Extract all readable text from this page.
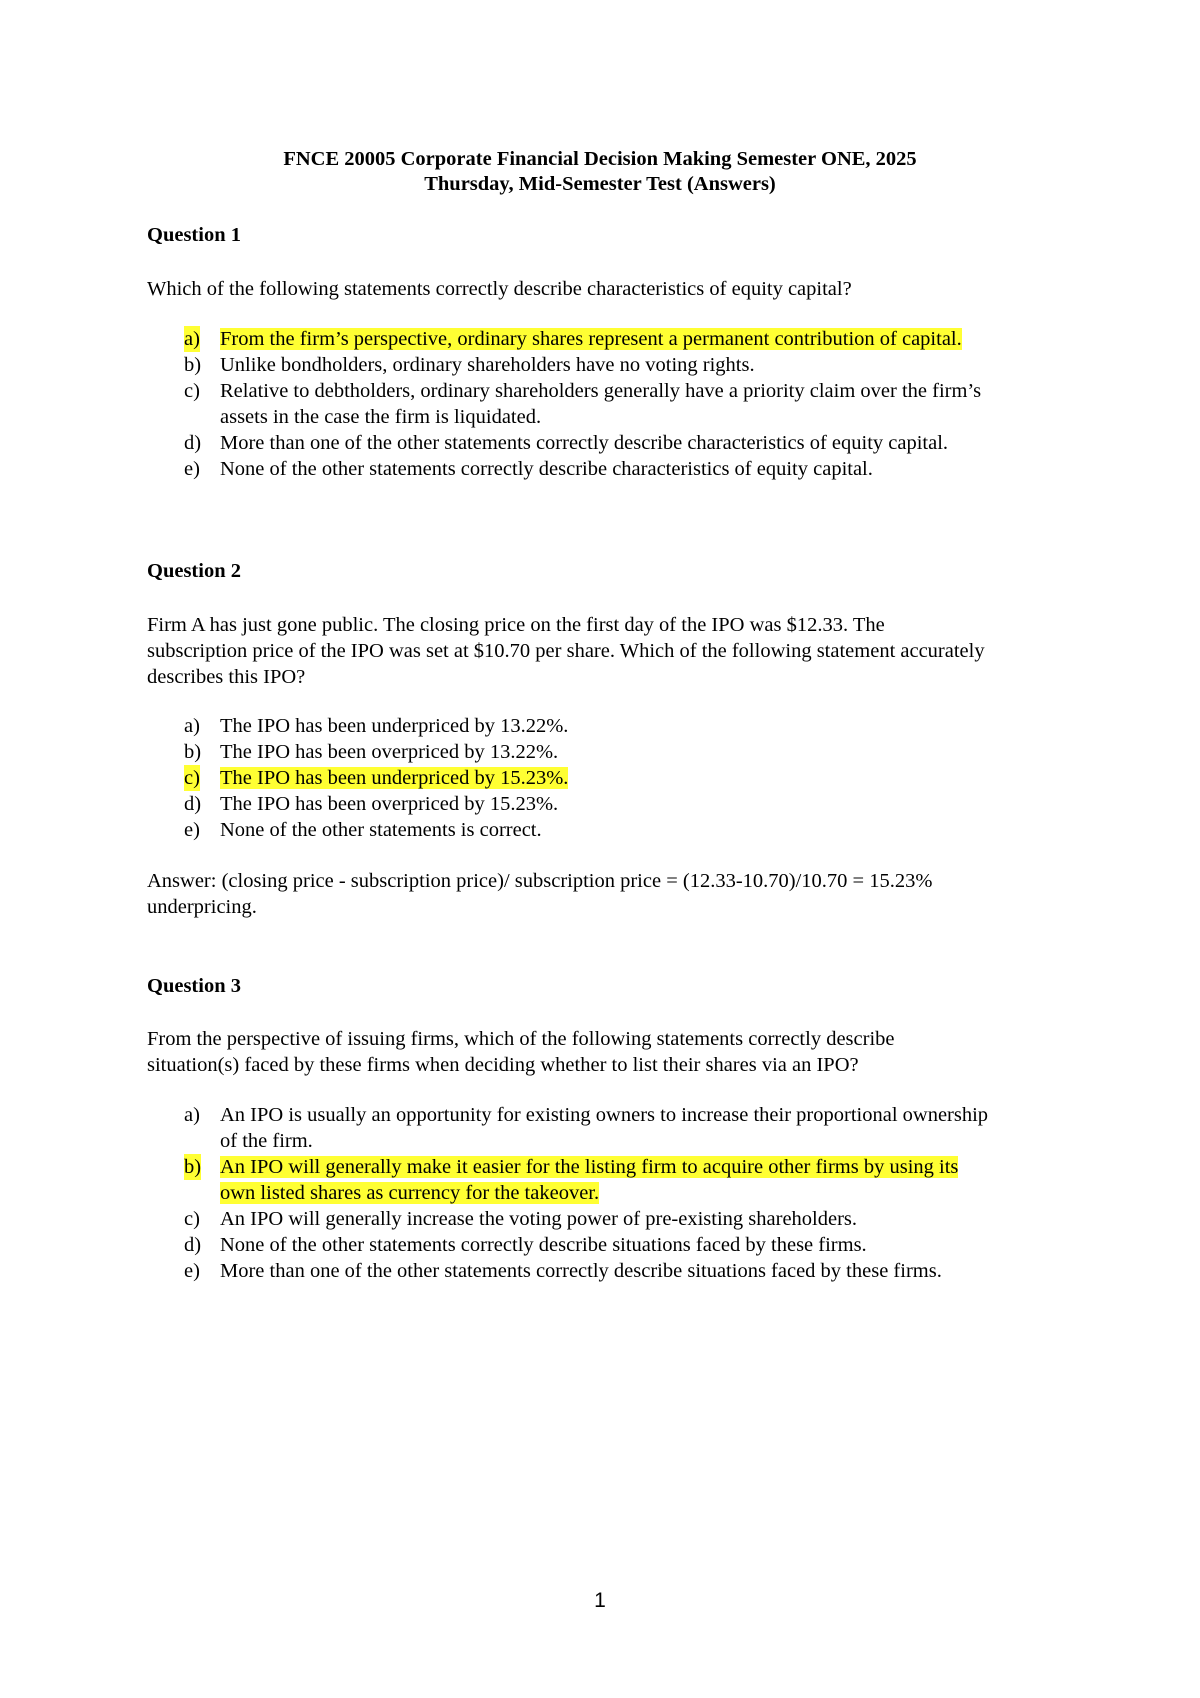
FNCE 20005 Corporate Financial Decision Making Semester ONE, 2025
Thursday, Mid-Semester Test (Answers)
Question 1
Which of the following statements correctly describe characteristics of equity capital?
a) From the firm’s perspective, ordinary shares represent a permanent contribution of capital.
b) Unlike bondholders, ordinary shareholders have no voting rights.
c) Relative to debtholders, ordinary shareholders generally have a priority claim over the firm’s
assets in the case the firm is liquidated.
d) More than one of the other statements correctly describe characteristics of equity capital.
e) None of the other statements correctly describe characteristics of equity capital.
Question 2
Firm A has just gone public. The closing price on the first day of the IPO was $12.33. The
subscription price of the IPO was set at $10.70 per share. Which of the following statement accurately
describes this IPO?
a) The IPO has been underpriced by 13.22%.
b) The IPO has been overpriced by 13.22%.
c) The IPO has been underpriced by 15.23%.
d) The IPO has been overpriced by 15.23%.
e) None of the other statements is correct.
Answer: (closing price - subscription price)/ subscription price = (12.33-10.70)/10.70 = 15.23%
underpricing.
Question 3
From the perspective of issuing firms, which of the following statements correctly describe
situation(s) faced by these firms when deciding whether to list their shares via an IPO?
a) An IPO is usually an opportunity for existing owners to increase their proportional ownership
of the firm.
b) An IPO will generally make it easier for the listing firm to acquire other firms by using its
own listed shares as currency for the takeover.
c) An IPO will generally increase the voting power of pre-existing shareholders.
d) None of the other statements correctly describe situations faced by these firms.
e) More than one of the other statements correctly describe situations faced by these firms.
1
